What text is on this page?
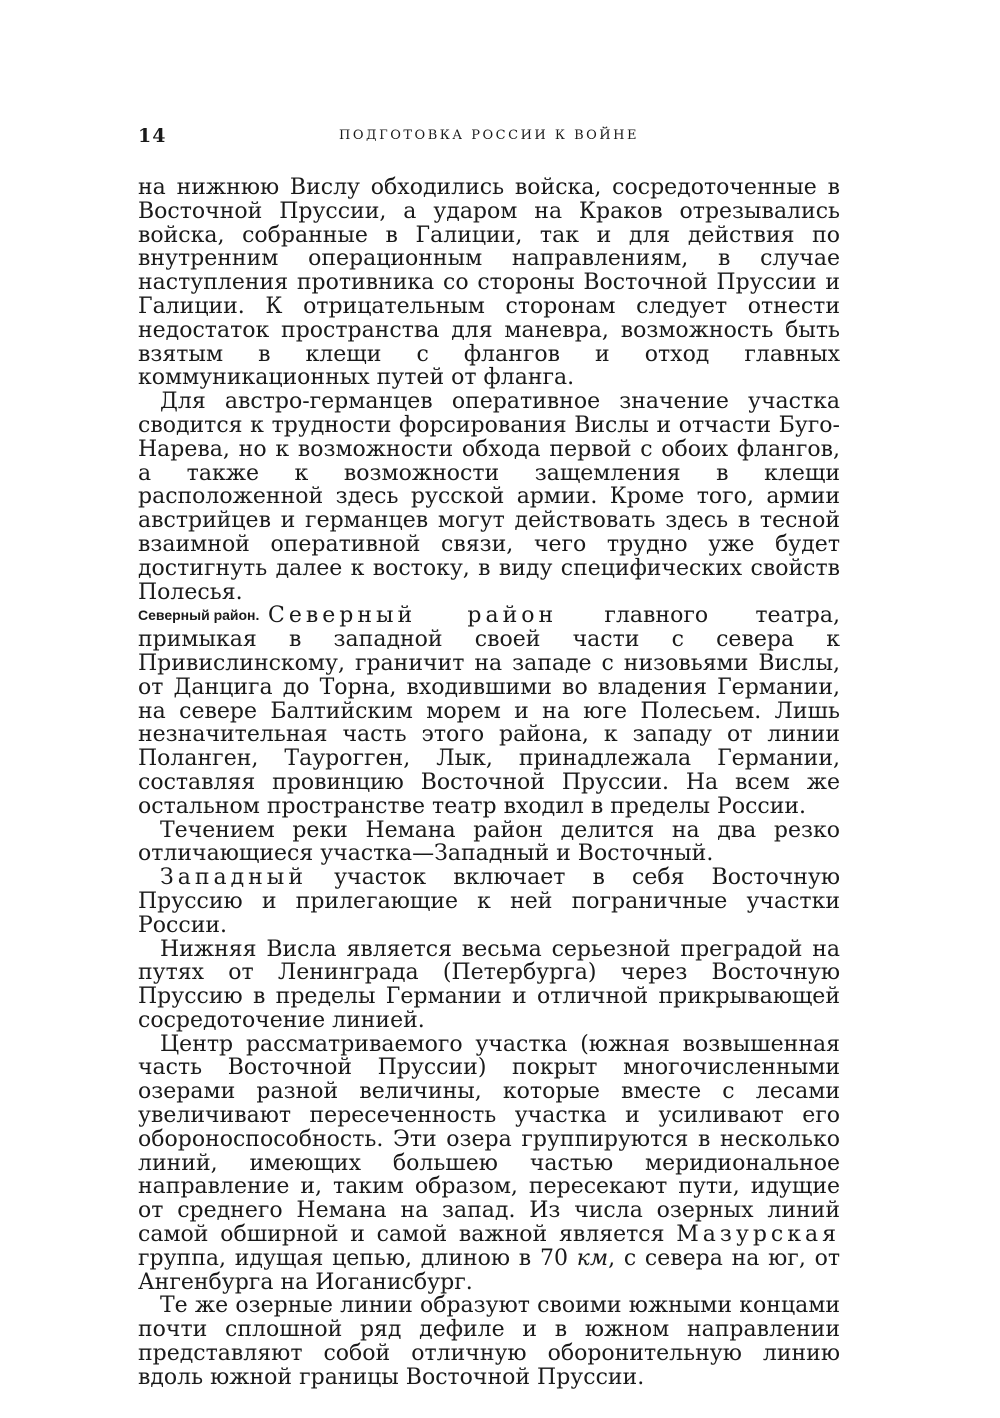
14	ПОДГОТОВКА РОССИИ К ВОЙНЕ

на нижнюю Вислу обходились войска, сосредоточенные в Восточной Пруссии, а ударом на Краков отрезывались войска, собранные в Галиции, так и для действия по внутренним операционным направлениям, в случае наступления противника со стороны Восточной Пруссии и Галиции. К отрицательным сторонам следует отнести недостаток пространства для маневра, возможность быть взятым в клещи с флангов и отход главных коммуникационных путей от фланга.

Для австро-германцев оперативное значение участка сводится к трудности форсирования Вислы и отчасти Буго-Нарева, но к возможности обхода первой с обоих флангов, а также к возможности защемления в клещи расположенной здесь русской армии. Кроме того, армии австрийцев и германцев могут действовать здесь в тесной взаимной оперативной связи, чего трудно уже будет достигнуть далее к востоку, в виду специфических свойств Полесья.

Северный район. Северный район главного театра, примыкая в западной своей части с севера к Привислинскому, граничит на западе с низовьями Вислы, от Данцига до Торна, входившими во владения Германии, на севере Балтийским морем и на юге Полесьем. Лишь незначительная часть этого района, к западу от линии Поланген, Таурогген, Лык, принадлежала Германии, составляя провинцию Восточной Пруссии. На всем же остальном пространстве театр входил в пределы России.

Течением реки Немана район делится на два резко отличающиеся участка—Западный и Восточный.

Западный участок включает в себя Восточную Пруссию и прилегающие к ней пограничные участки России.

Нижняя Висла является весьма серьезной преградой на путях от Ленинграда (Петербурга) через Восточную Пруссию в пределы Германии и отличной прикрывающей сосредоточение линией.

Центр рассматриваемого участка (южная возвышенная часть Восточной Пруссии) покрыт многочисленными озерами разной величины, которые вместе с лесами увеличивают пересеченность участка и усиливают его обороноспособность. Эти озера группируются в несколько линий, имеющих большею частью меридиональное направление и, таким образом, пересекают пути, идущие от среднего Немана на запад. Из числа озерных линий самой обширной и самой важной является Мазурская группа, идущая цепью, длиною в 70 км, с севера на юг, от Ангенбурга на Иоганисбург.

Те же озерные линии образуют своими южными концами почти сплошной ряд дефиле и в южном направлении представляют собой отличную оборонительную линию вдоль южной границы Восточной Пруссии.
